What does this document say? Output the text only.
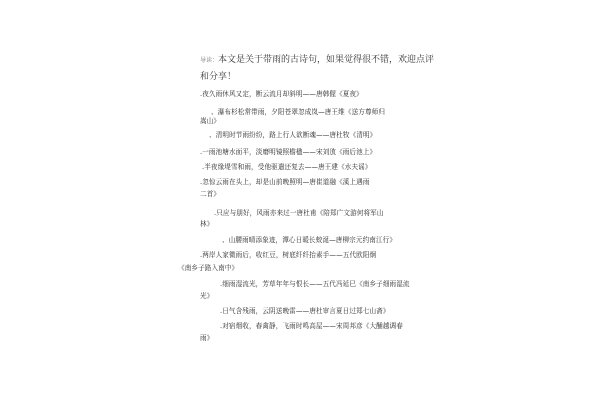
导读：本文是关于带雨的古诗句，如果觉得很不错，欢迎点评和分享！
.夜久雨休风又定，断云流月却斜明——唐韩偓《夏夜》
、瀑布杉松常带雨，夕阳苍翠忽成岚—唐王维《送方尊师归
嵩山》
、清明时节雨纷纷，路上行人欲断魂——唐杜牧《清明》
.一雨池塘水面平，淡磨明镜照檐楹——宋刘攽《雨后池上》
.半夜缘堤雪和雨，受他驱遣还复去——唐王建《水夫谣》
.忽惊云雨在头上，却是山前晚照明—唐崔道融《溪上遇雨
二首》
.只应与朋好，风雨亦来过一唐杜甫《陪郑广文游何将军山
林》
、山腰雨晴添象迹，潭心日暖长蛟涎—唐柳宗元约南江行》
.两岸人家微雨后，收红豆，树底纤纤抬素手——五代欧阳炯
《南乡子路入南中》
.细雨湿流光，芳草年年与恨长——五代冯延巳《南乡子细雨湿流
光》
.日气含残雨，云阴送晚雷——唐杜审言夏日过郑七山斋》
.对宿烟收，春禽静，飞雨时鸣高屋——宋周邦彦《大酺越调春
雨》
